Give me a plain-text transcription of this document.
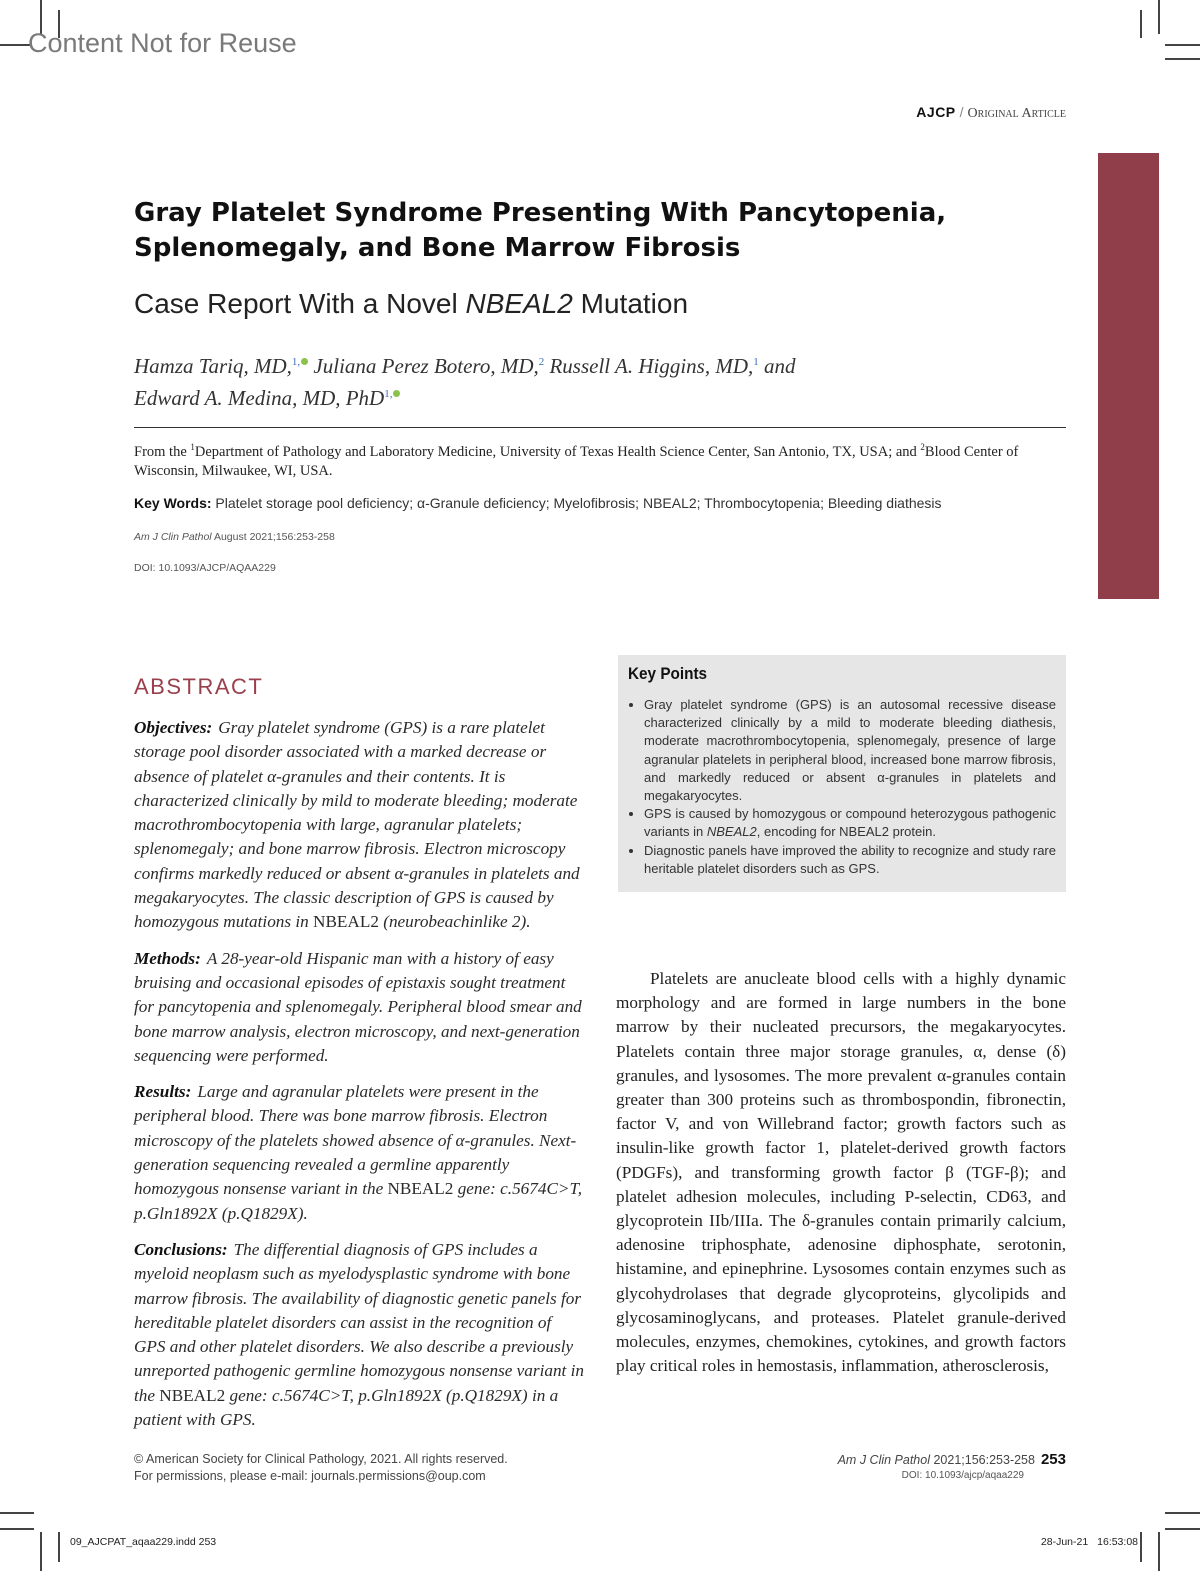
Content Not for Reuse
AJCP / Original Article
Gray Platelet Syndrome Presenting With Pancytopenia,
Splenomegaly, and Bone Marrow Fibrosis
Case Report With a Novel NBEAL2 Mutation
Hamza Tariq, MD,$^{1,}$ Juliana Perez Botero, MD,$^2$ Russell A. Higgins, MD,$^1$ and
Edward A. Medina, MD, PhD$^{1,}$
From the $^1$Department of Pathology and Laboratory Medicine, University of Texas Health Science Center, San Antonio, TX, USA; and $^2$Blood Center of Wisconsin, Milwaukee, WI, USA.
Key Words: Platelet storage pool deficiency; α-Granule deficiency; Myelofibrosis; NBEAL2; Thrombocytopenia; Bleeding diathesis
Am J Clin Pathol August 2021;156:253-258
DOI: 10.1093/AJCP/AQAA229
ABSTRACT

Objectives: Gray platelet syndrome (GPS) is a rare platelet storage pool disorder associated with a marked decrease or absence of platelet α-granules and their contents. It is characterized clinically by mild to moderate bleeding; moderate macrothrombocytopenia with large, agranular platelets; splenomegaly; and bone marrow fibrosis. Electron microscopy confirms markedly reduced or absent α-granules in platelets and megakaryocytes. The classic description of GPS is caused by homozygous mutations in NBEAL2 (neurobeachinlike 2).

Methods: A 28-year-old Hispanic man with a history of easy bruising and occasional episodes of epistaxis sought treatment for pancytopenia and splenomegaly. Peripheral blood smear and bone marrow analysis, electron microscopy, and next-generation sequencing were performed.

Results: Large and agranular platelets were present in the peripheral blood. There was bone marrow fibrosis. Electron microscopy of the platelets showed absence of α-granules. Next-generation sequencing revealed a germline apparently homozygous nonsense variant in the NBEAL2 gene: c.5674C>T, p.Gln1892X (p.Q1829X).

Conclusions: The differential diagnosis of GPS includes a myeloid neoplasm such as myelodysplastic syndrome with bone marrow fibrosis. The availability of diagnostic genetic panels for hereditable platelet disorders can assist in the recognition of GPS and other platelet disorders. We also describe a previously unreported pathogenic germline homozygous nonsense variant in the NBEAL2 gene: c.5674C>T, p.Gln1892X (p.Q1829X) in a patient with GPS.

Key Points
• Gray platelet syndrome (GPS) is an autosomal recessive disease characterized clinically by a mild to moderate bleeding diathesis, moderate macrothrombocytopenia, splenomegaly, presence of large agranular platelets in peripheral blood, increased bone marrow fibrosis, and markedly reduced or absent α-granules in platelets and megakaryocytes.
• GPS is caused by homozygous or compound heterozygous pathogenic variants in NBEAL2, encoding for NBEAL2 protein.
• Diagnostic panels have improved the ability to recognize and study rare heritable platelet disorders such as GPS.
Platelets are anucleate blood cells with a highly dynamic morphology and are formed in large numbers in the bone marrow by their nucleated precursors, the megakaryocytes. Platelets contain three major storage granules, α, dense (δ) granules, and lysosomes. The more prevalent α-granules contain greater than 300 proteins such as thrombospondin, fibronectin, factor V, and von Willebrand factor; growth factors such as insulin-like growth factor 1, platelet-derived growth factors (PDGFs), and transforming growth factor β (TGF-β); and platelet adhesion molecules, including P-selectin, CD63, and glycoprotein IIb/IIIa. The δ-granules contain primarily calcium, adenosine triphosphate, adenosine diphosphate, serotonin, histamine, and epinephrine. Lysosomes contain enzymes such as glycohydrolases that degrade glycoproteins, glycolipids and glycosaminoglycans, and proteases. Platelet granule-derived molecules, enzymes, chemokines, cytokines, and growth factors play critical roles in hemostasis, inflammation, atherosclerosis,
© American Society for Clinical Pathology, 2021. All rights reserved.
For permissions, please e-mail: journals.permissions@oup.com
Am J Clin Pathol 2021;156:253-258 253
DOI: 10.1093/ajcp/aqaa229
09_AJCPAT_aqaa229.indd 253	28-Jun-21 16:53:08
